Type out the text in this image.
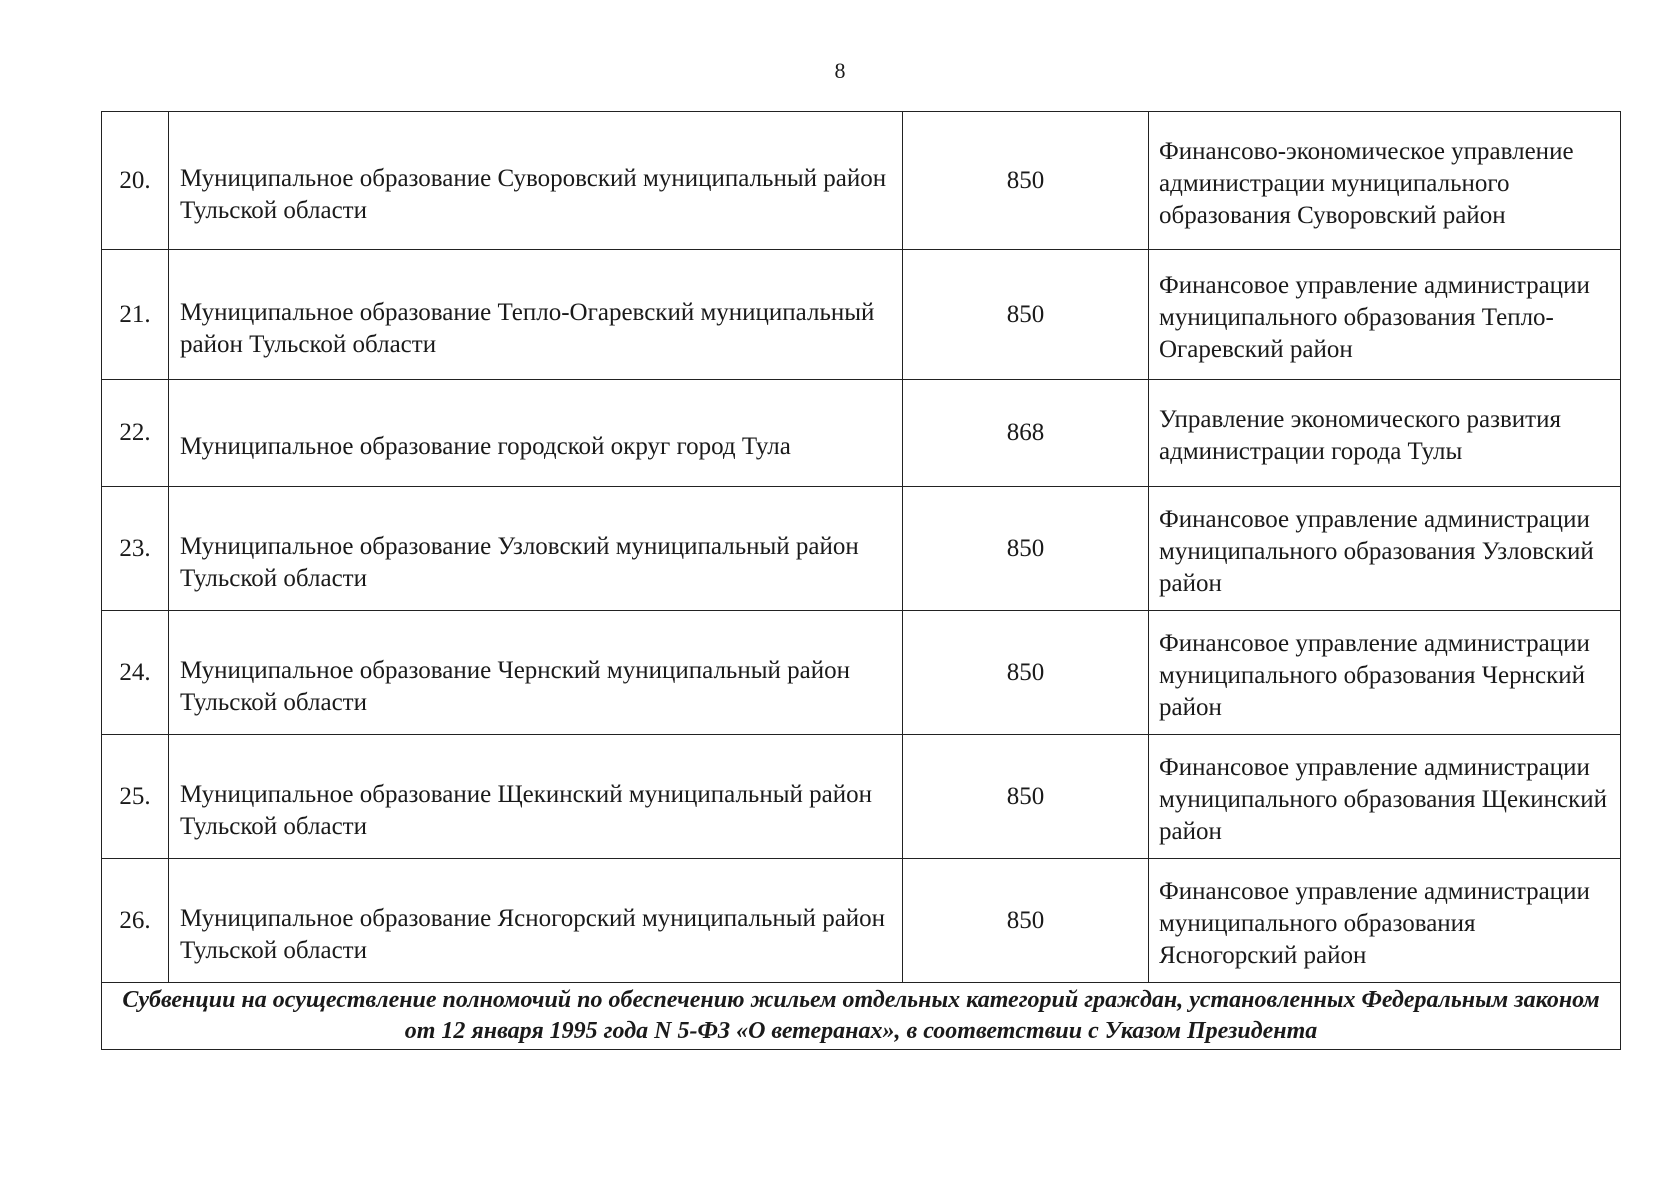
8
20.	Муниципальное образование Суворовский муниципальный район Тульской области	850	Финансово-экономическое управление администрации муниципального образования Суворовский район

21.	Муниципальное образование Тепло-Огаревский муниципальный район Тульской области	850	Финансовое управление администрации муниципального образования Тепло-Огаревский район

22.	Муниципальное образование городской округ город Тула	868	Управление экономического развития администрации города Тулы

23.	Муниципальное образование Узловский муниципальный район Тульской области	850	Финансовое управление администрации муниципального образования Узловский район

24.	Муниципальное образование Чернский муниципальный район Тульской области	850	Финансовое управление администрации муниципального образования Чернский район

25.	Муниципальное образование Щекинский муниципальный район Тульской области	850	Финансовое управление администрации муниципального образования Щекинский район

26.	Муниципальное образование Ясногорский муниципальный район Тульской области	850	Финансовое управление администрации муниципального образования Ясногорский район

Субвенции на осуществление полномочий по обеспечению жильем отдельных категорий граждан, установленных Федеральным законом от 12 января 1995 года N 5-ФЗ «О ветеранах», в соответствии с Указом Президента			
